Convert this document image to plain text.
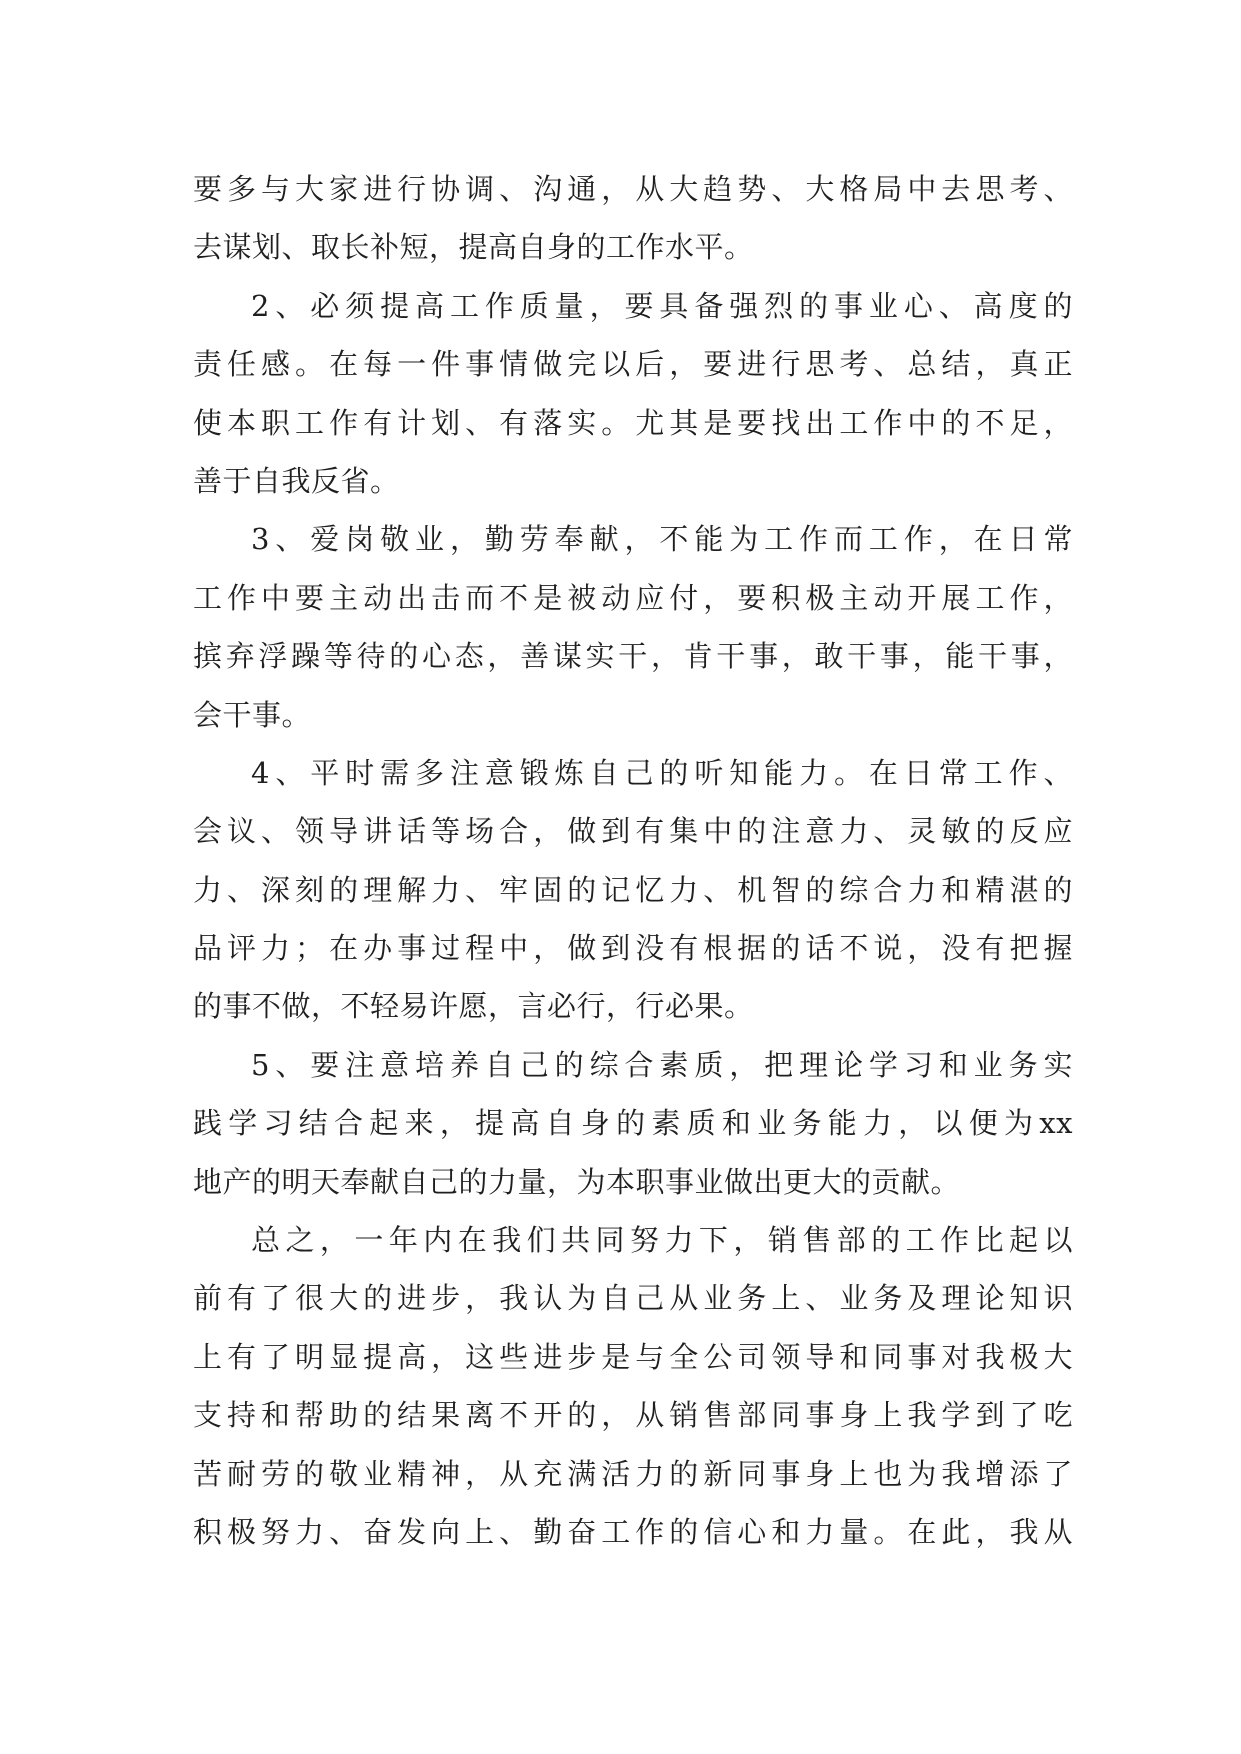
要多与大家进行协调、沟通，从大趋势、大格局中去思考、
去谋划、取长补短，提高自身的工作水平。
2、必须提高工作质量，要具备强烈的事业心、高度的
责任感。在每一件事情做完以后，要进行思考、总结，真正
使本职工作有计划、有落实。尤其是要找出工作中的不足，
善于自我反省。
3、爱岗敬业，勤劳奉献，不能为工作而工作，在日常
工作中要主动出击而不是被动应付，要积极主动开展工作，
摈弃浮躁等待的心态，善谋实干，肯干事，敢干事，能干事，
会干事。
4、平时需多注意锻炼自己的听知能力。在日常工作、
会议、领导讲话等场合，做到有集中的注意力、灵敏的反应
力、深刻的理解力、牢固的记忆力、机智的综合力和精湛的
品评力；在办事过程中，做到没有根据的话不说，没有把握
的事不做，不轻易许愿，言必行，行必果。
5、要注意培养自己的综合素质，把理论学习和业务实
践学习结合起来，提高自身的素质和业务能力，以便为xx
地产的明天奉献自己的力量，为本职事业做出更大的贡献。
总之，一年内在我们共同努力下，销售部的工作比起以
前有了很大的进步，我认为自己从业务上、业务及理论知识
上有了明显提高，这些进步是与全公司领导和同事对我极大
支持和帮助的结果离不开的，从销售部同事身上我学到了吃
苦耐劳的敬业精神，从充满活力的新同事身上也为我增添了
积极努力、奋发向上、勤奋工作的信心和力量。在此，我从
